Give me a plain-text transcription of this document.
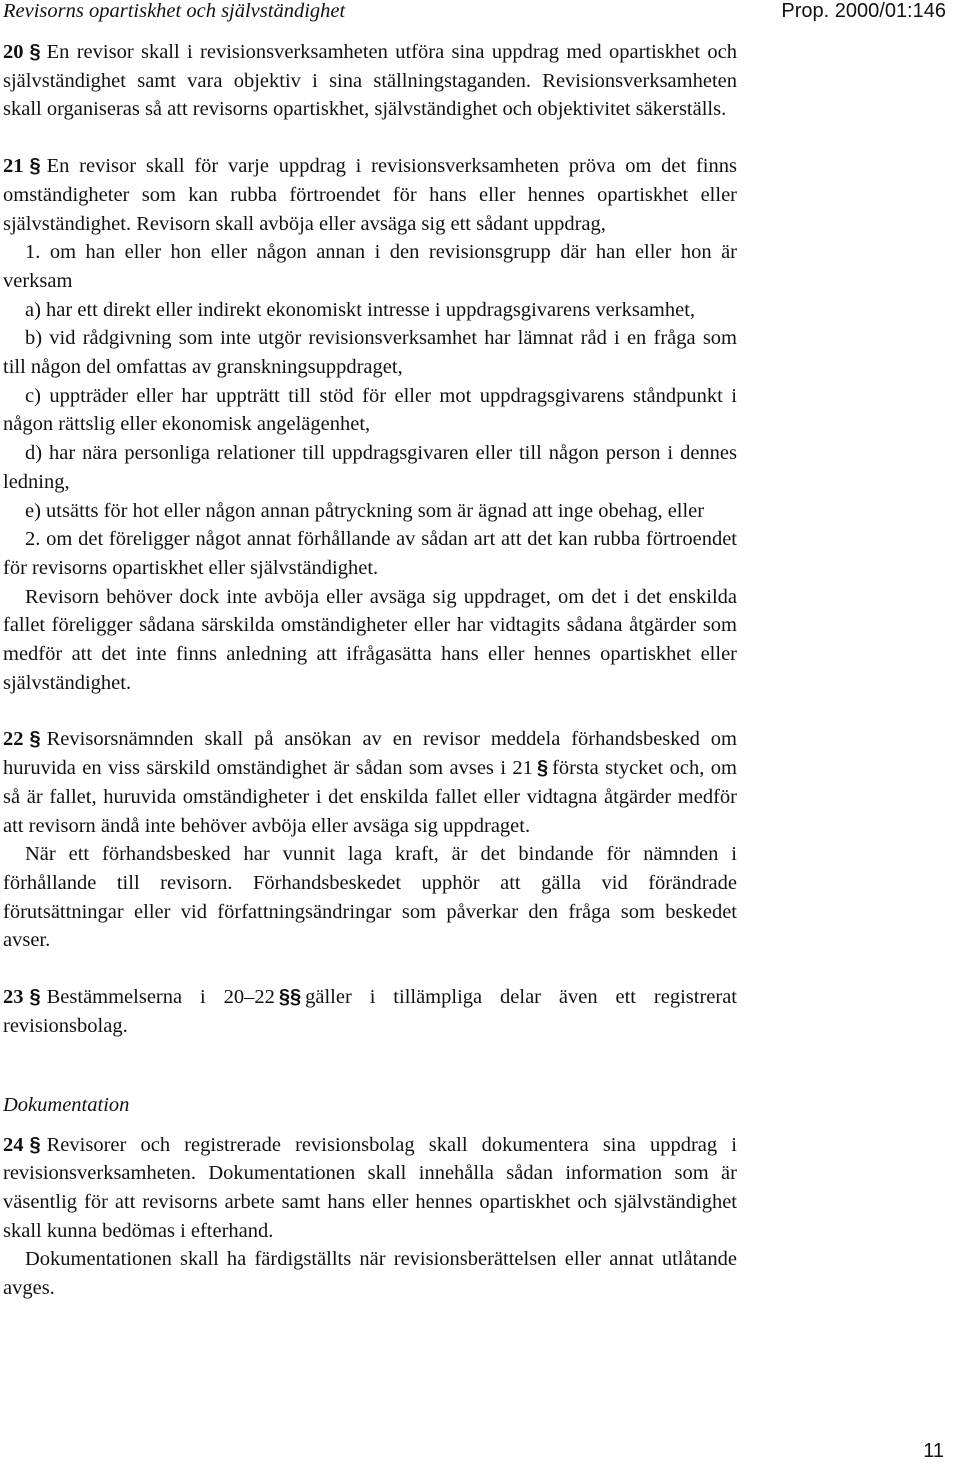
Revisorns opartiskhet och självständighet	Prop. 2000/01:146

20 § En revisor skall i revisionsverksamheten utföra sina uppdrag med opartiskhet och självständighet samt vara objektiv i sina ställningstaganden. Revisionsverksamheten skall organiseras så att revisorns opartiskhet, självständighet och objektivitet säkerställs.

21 § En revisor skall för varje uppdrag i revisionsverksamheten pröva om det finns omständigheter som kan rubba förtroendet för hans eller hennes opartiskhet eller självständighet. Revisorn skall avböja eller avsäga sig ett sådant uppdrag,

1. om han eller hon eller någon annan i den revisionsgrupp där han eller hon är verksam

a) har ett direkt eller indirekt ekonomiskt intresse i uppdragsgivarens verksamhet,

b) vid rådgivning som inte utgör revisionsverksamhet har lämnat råd i en fråga som till någon del omfattas av granskningsuppdraget,

c) uppträder eller har uppträtt till stöd för eller mot uppdragsgivarens ståndpunkt i någon rättslig eller ekonomisk angelägenhet,

d) har nära personliga relationer till uppdragsgivaren eller till någon person i dennes ledning,

e) utsätts för hot eller någon annan påtryckning som är ägnad att inge obehag, eller

2. om det föreligger något annat förhållande av sådan art att det kan rubba förtroendet för revisorns opartiskhet eller självständighet.

Revisorn behöver dock inte avböja eller avsäga sig uppdraget, om det i det enskilda fallet föreligger sådana särskilda omständigheter eller har vidtagits sådana åtgärder som medför att det inte finns anledning att ifrågasätta hans eller hennes opartiskhet eller självständighet.

22 § Revisorsnämnden skall på ansökan av en revisor meddela förhandsbesked om huruvida en viss särskild omständighet är sådan som avses i 21 § första stycket och, om så är fallet, huruvida omständigheter i det enskilda fallet eller vidtagna åtgärder medför att revisorn ändå inte behöver avböja eller avsäga sig uppdraget.

När ett förhandsbesked har vunnit laga kraft, är det bindande för nämnden i förhållande till revisorn. Förhandsbeskedet upphör att gälla vid förändrade förutsättningar eller vid författningsändringar som påverkar den fråga som beskedet avser.

23 § Bestämmelserna i 20–22 §§ gäller i tillämpliga delar även ett registrerat revisionsbolag.

Dokumentation

24 § Revisorer och registrerade revisionsbolag skall dokumentera sina uppdrag i revisionsverksamheten. Dokumentationen skall innehålla sådan information som är väsentlig för att revisorns arbete samt hans eller hennes opartiskhet och självständighet skall kunna bedömas i efterhand.

Dokumentationen skall ha färdigställts när revisionsberättelsen eller annat utlåtande avges.

11
